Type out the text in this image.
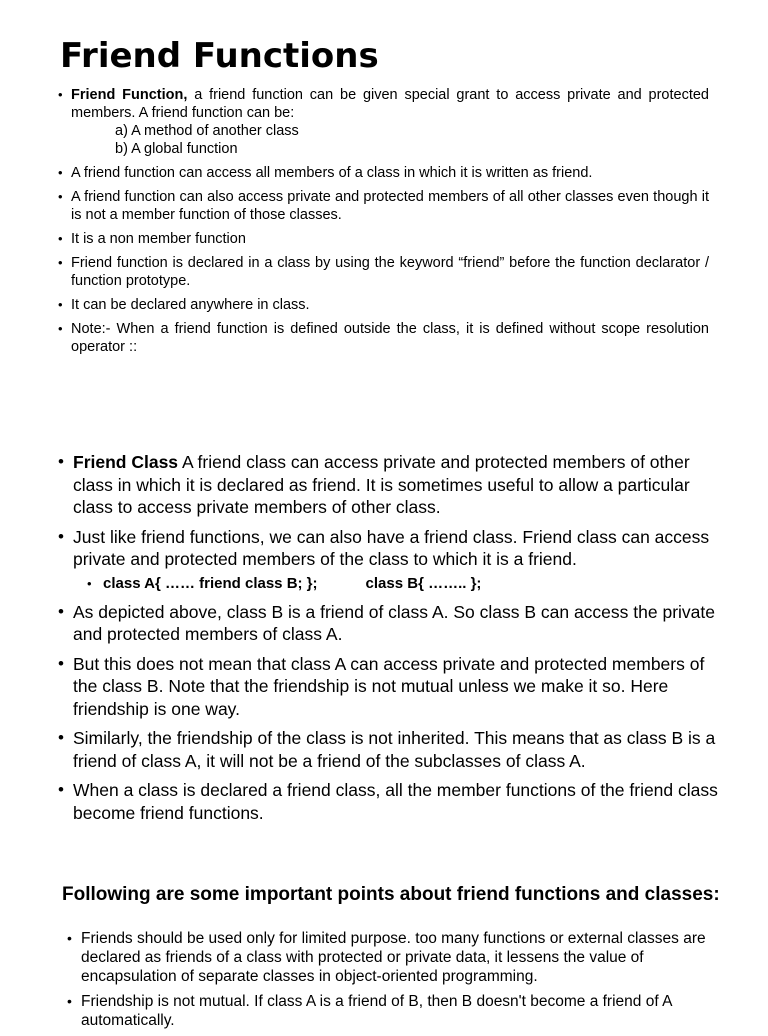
Friend Functions
• Friend Function, a friend function can be given special grant to access private and protected members. A friend function can be:
a) A method of another class
b) A global function
• A friend function can access all members of a class in which it is written as friend.
• A friend function can also access private and protected members of all other classes even though it is not a member function of those classes.
• It is a non member function
• Friend function is declared in a class by using the keyword “friend” before the function declarator / function prototype.
• It can be declared anywhere in class.
• Note:- When a friend function is defined outside the class, it is defined without scope resolution operator ::
• Friend Class A friend class can access private and protected members of other class in which it is declared as friend. It is sometimes useful to allow a particular class to access private members of other class.
• Just like friend functions, we can also have a friend class. Friend class can access private and protected members of the class to which it is a friend.
• class A{ …… friend class B; };	class B{ …….. };
• As depicted above, class B is a friend of class A. So class B can access the private and protected members of class A.
• But this does not mean that class A can access private and protected members of the class B. Note that the friendship is not mutual unless we make it so. Here friendship is one way.
• Similarly, the friendship of the class is not inherited. This means that as class B is a friend of class A, it will not be a friend of the subclasses of class A.
• When a class is declared a friend class, all the member functions of the friend class become friend functions.
Following are some important points about friend functions and classes:
• Friends should be used only for limited purpose. too many functions or external classes are declared as friends of a class with protected or private data, it lessens the value of encapsulation of separate classes in object-oriented programming.
• Friendship is not mutual. If class A is a friend of B, then B doesn't become a friend of A automatically.
